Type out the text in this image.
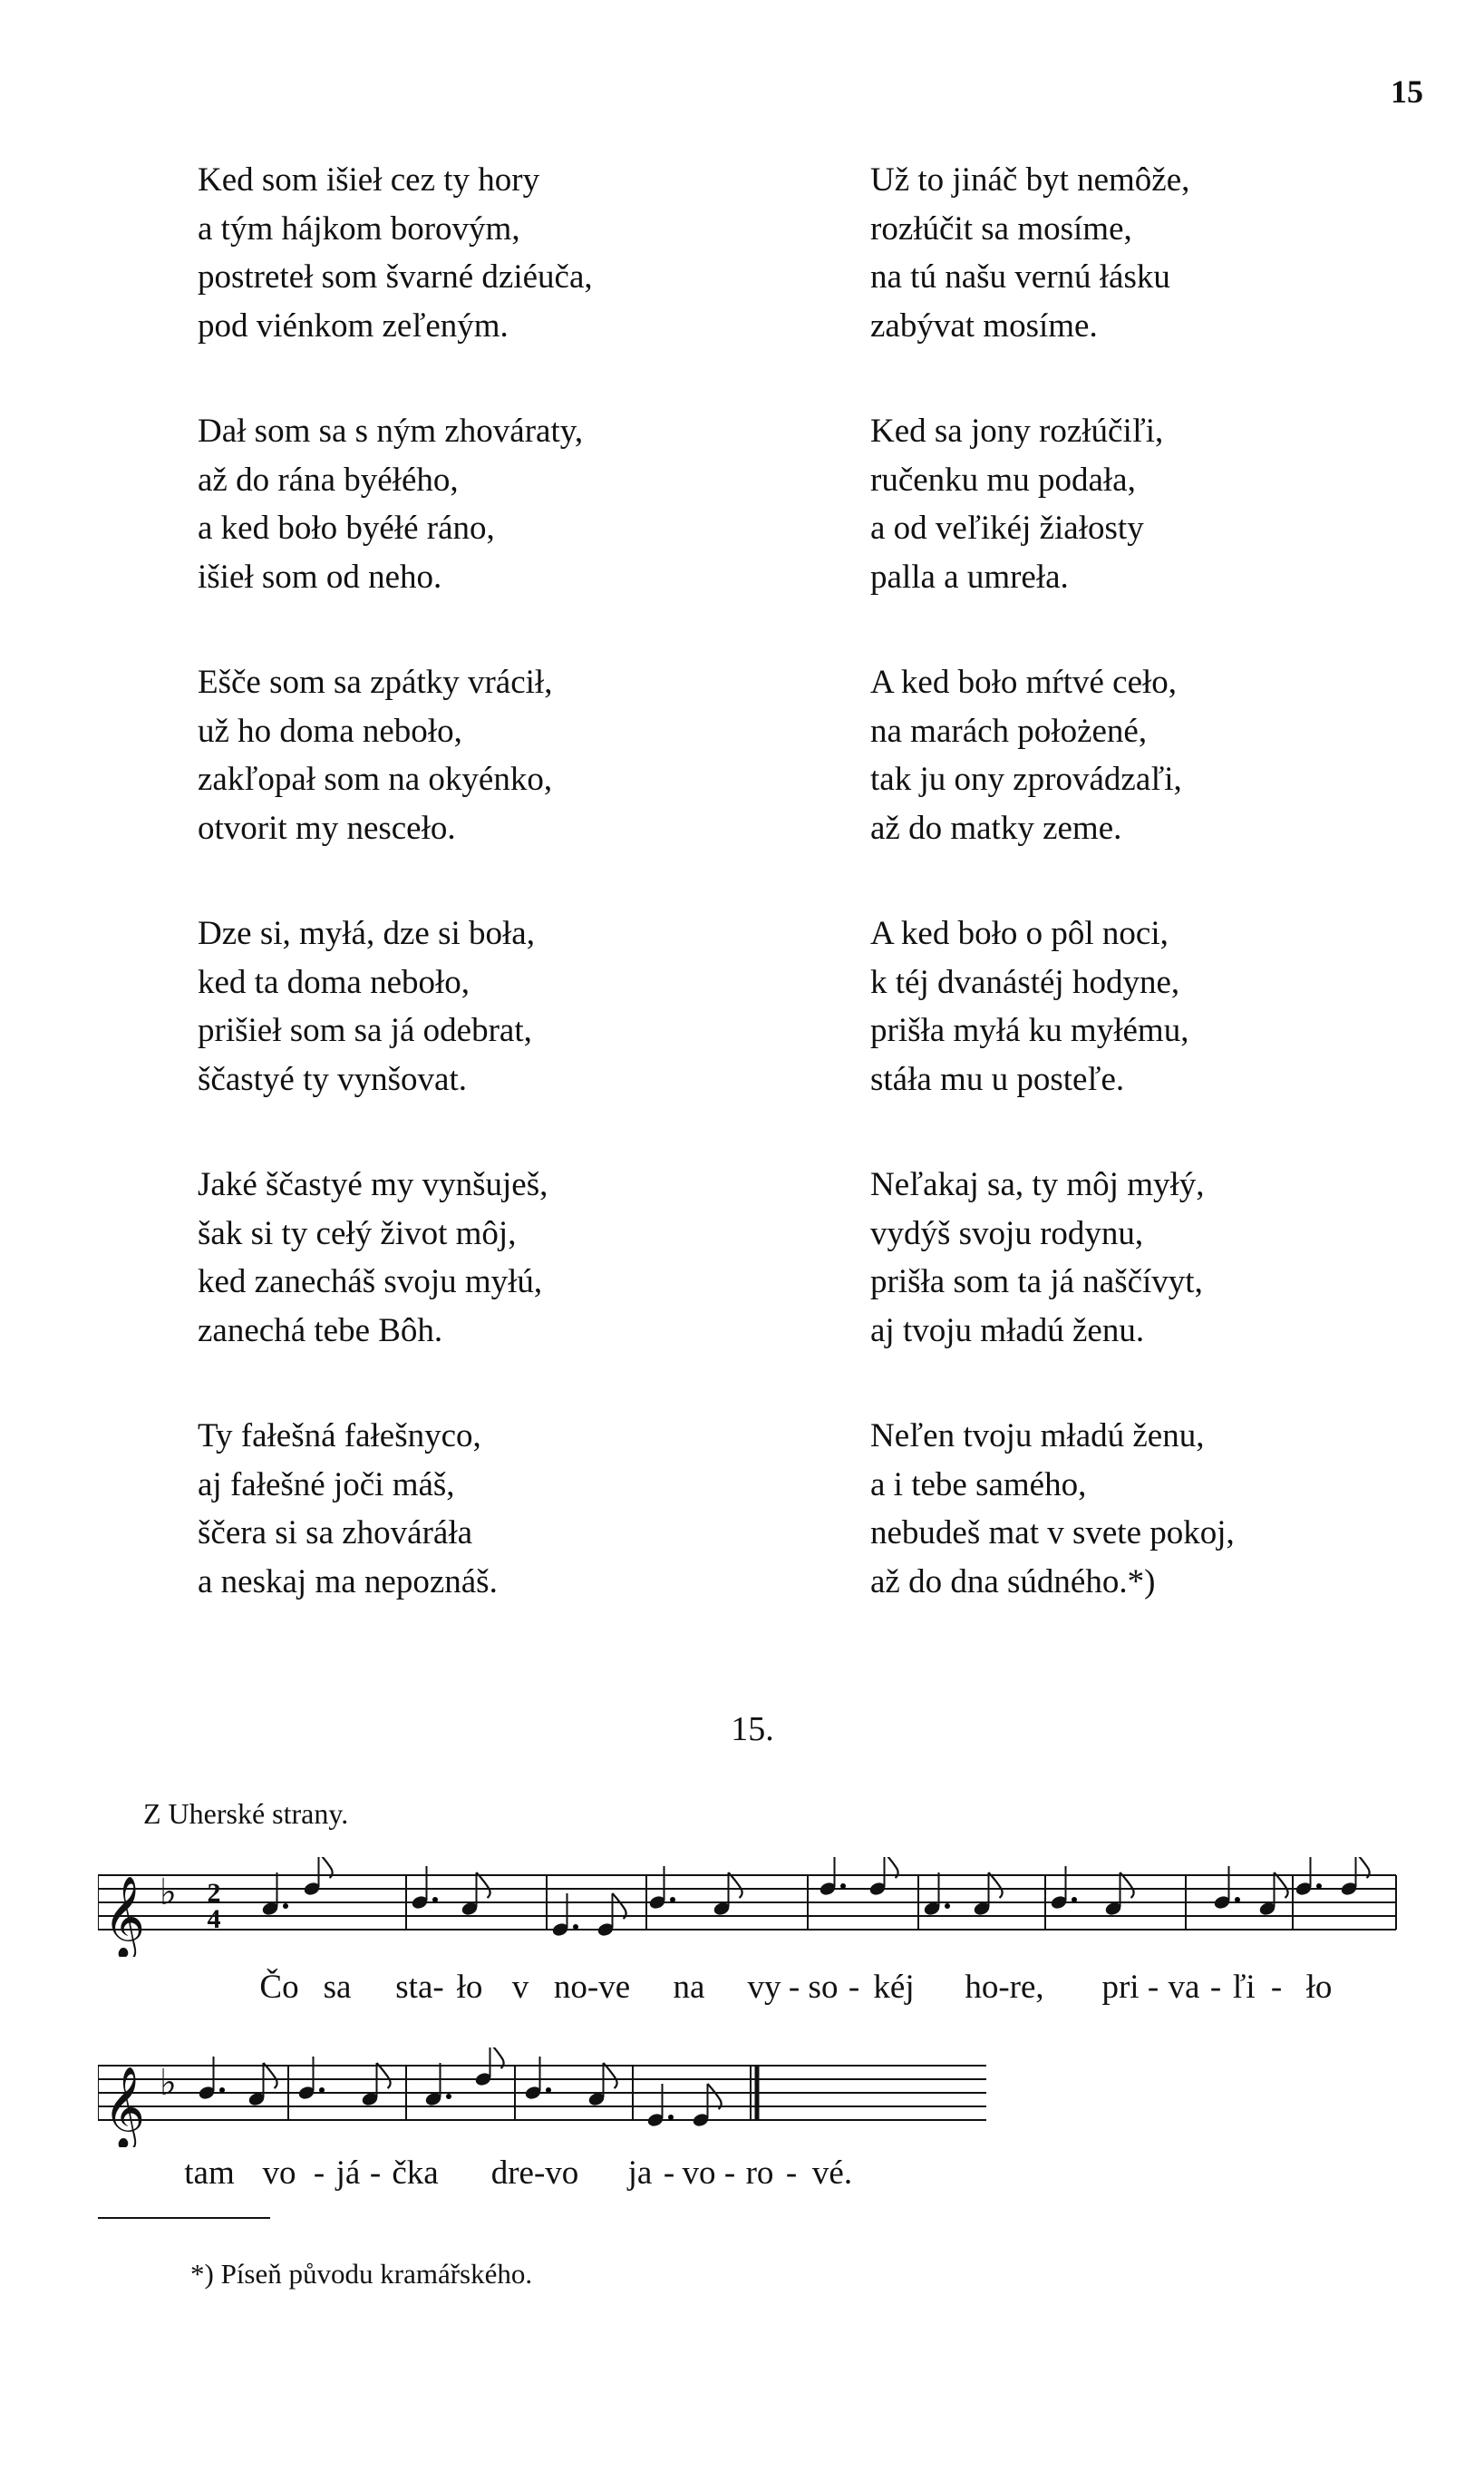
15
Ked som išieł cez ty hory
a tým hájkom borovým,
postreteł som švarné dziéuča,
pod viénkom zeľeným.
Dał som sa s ným zhováraty,
až do rána byéłého,
a ked boło byéłé ráno,
išieł som od neho.
Ešče som sa zpátky vrácił,
už ho doma neboło,
zakľopał som na okyénko,
otvorit my nesceło.
Dze si, myłá, dze si boła,
ked ta doma neboło,
prišieł som sa já odebrat,
ščastyé ty vynšovat.
Jaké ščastyé my vynšuješ,
šak si ty cełý život môj,
ked zanecháš svoju myłú,
zanechá tebe Bôh.
Ty fałešná fałešnyco,
aj fałešné joči máš,
ščera si sa zhováráła
a neskaj ma nepoznáš.
Už to jináč byt nemôže,
rozłúčit sa mosíme,
na tú našu vernú łásku
zabývat mosíme.
Ked sa jony rozłúčiľi,
ručenku mu podała,
a od veľikéj žiałosty
palla a umreła.
A ked boło mŕtvé ceło,
na marách położené,
tak ju ony zprovádzaľi,
až do matky zeme.
A ked boło o pôl noci,
k téj dvanástéj hodyne,
prišła myłá ku myłému,
stáła mu u posteľe.
Neľakaj sa, ty môj myłý,
vydýš svoju rodynu,
prišła som ta já naščívyt,
aj tvoju mładú ženu.
Neľen tvoju mładú ženu,
a i tebe samého,
nebudeš mat v svete pokoj,
až do dna súdného.*)
15.
Z Uherské strany.
𝄞 ♭ 2
4
Čo sa sta- ło v no-ve na vy - so - kéj ho-re, pri - va - ľi - ło
𝄞 ♭
tam vo - já - čka dre-vo ja - vo - ro - vé.
*) Píseň původu kramářského.
